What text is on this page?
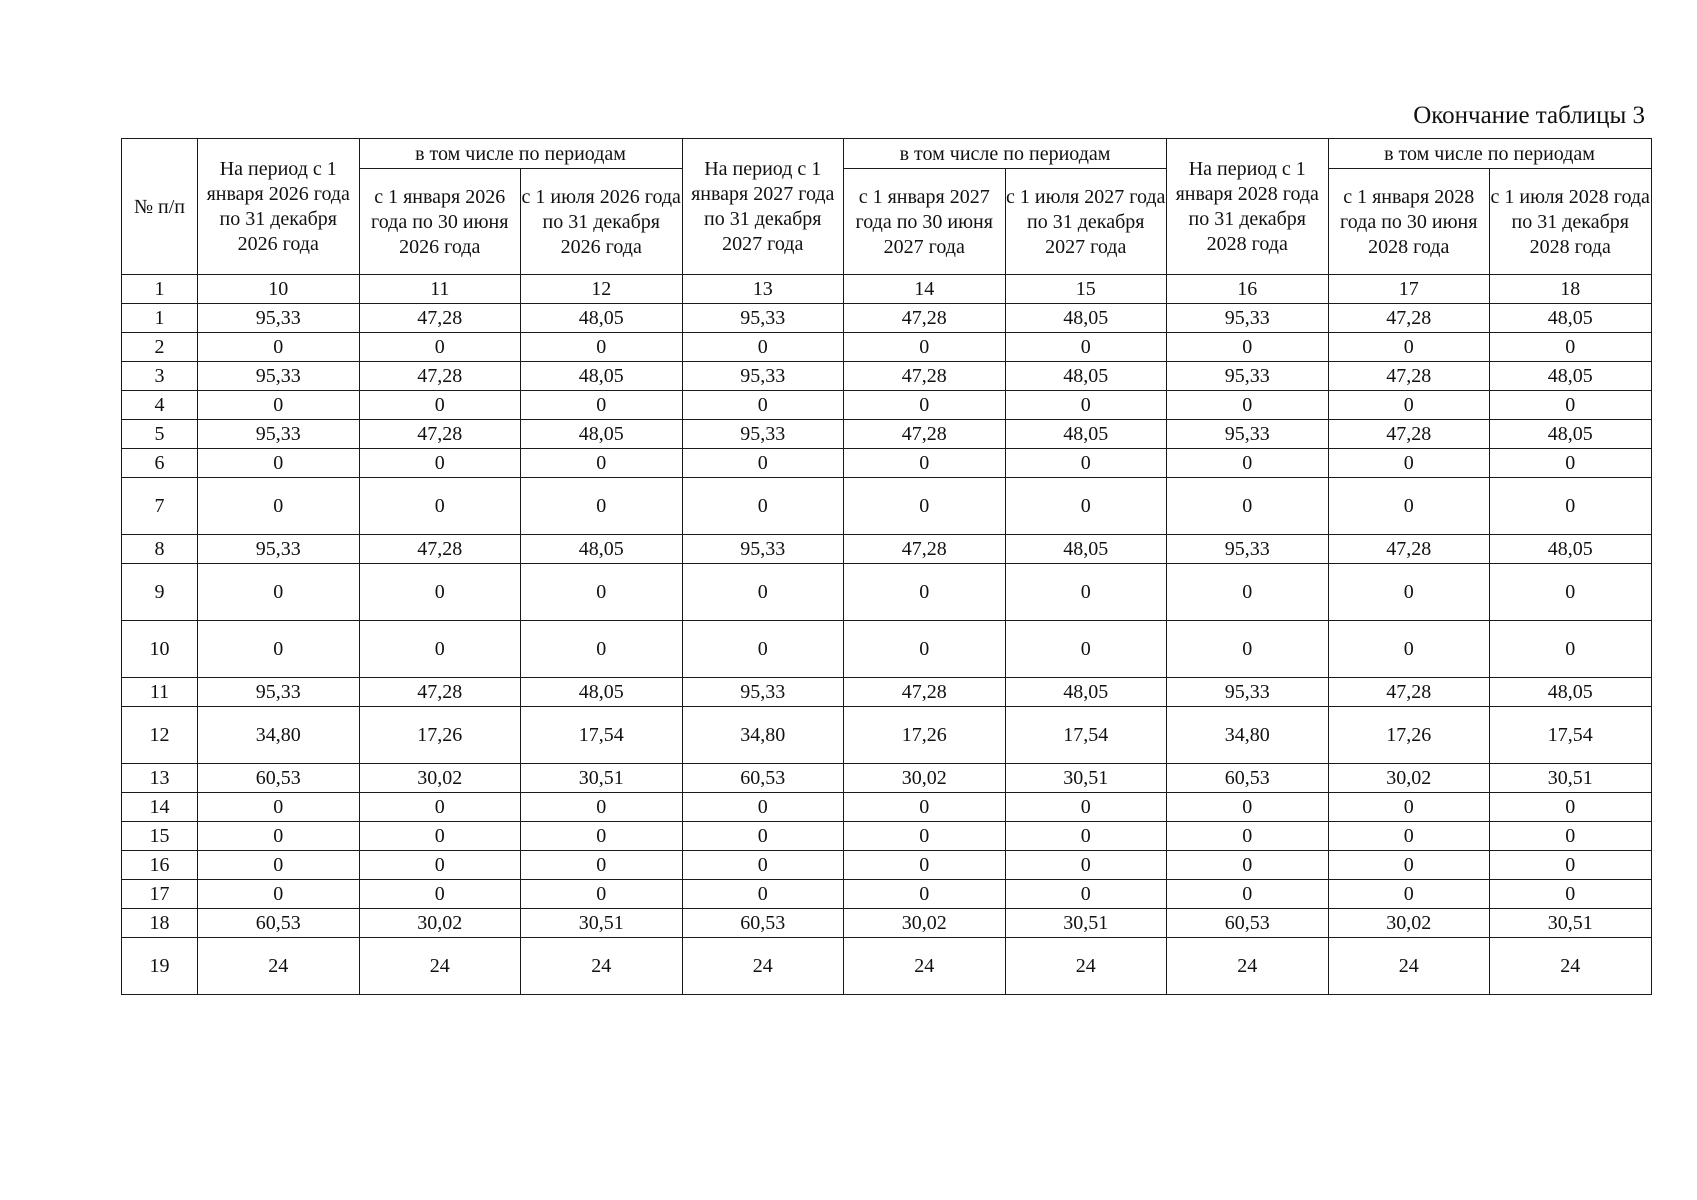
Окончание таблицы 3
№ п/п	На период с 1 января 2026 года по 31 декабря 2026 года	в том числе по периодам		На период с 1 января 2027 года по 31 декабря 2027 года	в том числе по периодам		На период с 1 января 2028 года по 31 декабря 2028 года	в том числе по периодам	
		с 1 января 2026 года по 30 июня 2026 года	с 1 июля 2026 года по 31 декабря 2026 года		с 1 января 2027 года по 30 июня 2027 года	с 1 июля 2027 года по 31 декабря 2027 года		с 1 января 2028 года по 30 июня 2028 года	с 1 июля 2028 года по 31 декабря 2028 года
1	10	11	12	13	14	15	16	17	18
1	95,33	47,28	48,05	95,33	47,28	48,05	95,33	47,28	48,05
2	0	0	0	0	0	0	0	0	0
3	95,33	47,28	48,05	95,33	47,28	48,05	95,33	47,28	48,05
4	0	0	0	0	0	0	0	0	0
5	95,33	47,28	48,05	95,33	47,28	48,05	95,33	47,28	48,05
6	0	0	0	0	0	0	0	0	0
7	0	0	0	0	0	0	0	0	0
8	95,33	47,28	48,05	95,33	47,28	48,05	95,33	47,28	48,05
9	0	0	0	0	0	0	0	0	0
10	0	0	0	0	0	0	0	0	0
11	95,33	47,28	48,05	95,33	47,28	48,05	95,33	47,28	48,05
12	34,80	17,26	17,54	34,80	17,26	17,54	34,80	17,26	17,54
13	60,53	30,02	30,51	60,53	30,02	30,51	60,53	30,02	30,51
14	0	0	0	0	0	0	0	0	0
15	0	0	0	0	0	0	0	0	0
16	0	0	0	0	0	0	0	0	0
17	0	0	0	0	0	0	0	0	0
18	60,53	30,02	30,51	60,53	30,02	30,51	60,53	30,02	30,51
19	24	24	24	24	24	24	24	24	24
